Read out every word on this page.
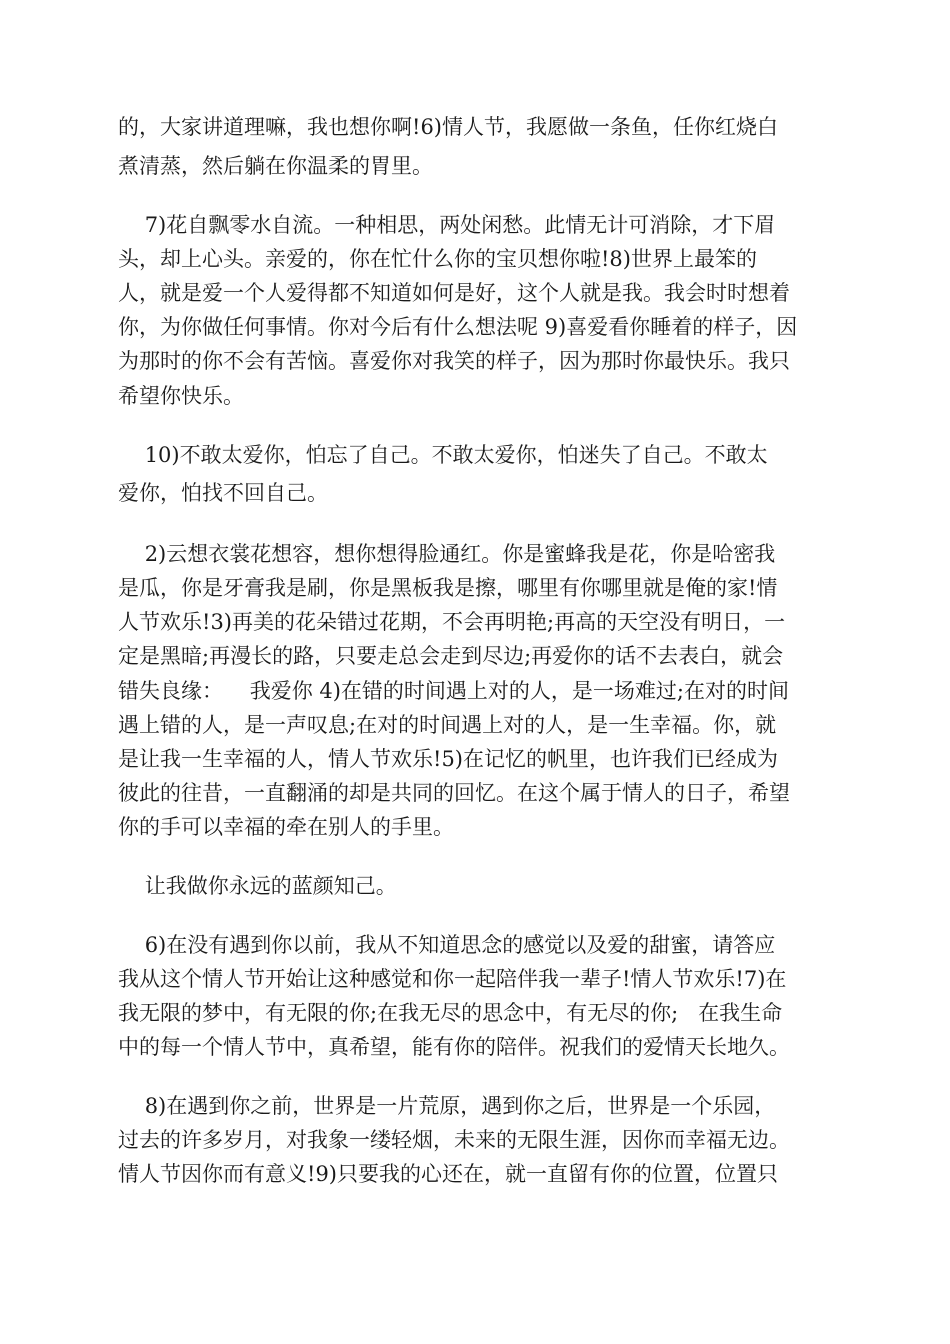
的，大家讲道理嘛，我也想你啊!6)情人节，我愿做一条鱼，任你红烧白
煮清蒸，然后躺在你温柔的胃里。
7)花自飘零水自流。一种相思，两处闲愁。此情无计可消除，才下眉
头，却上心头。亲爱的，你在忙什么你的宝贝想你啦!8)世界上最笨的
人，就是爱一个人爱得都不知道如何是好，这个人就是我。我会时时想着
你，为你做任何事情。你对今后有什么想法呢 9)喜爱看你睡着的样子，因
为那时的你不会有苦恼。喜爱你对我笑的样子，因为那时你最快乐。我只
希望你快乐。
10)不敢太爱你，怕忘了自己。不敢太爱你，怕迷失了自己。不敢太
爱你，怕找不回自己。
2)云想衣裳花想容，想你想得脸通红。你是蜜蜂我是花，你是哈密我
是瓜，你是牙膏我是刷，你是黑板我是擦，哪里有你哪里就是俺的家!情
人节欢乐!3)再美的花朵错过花期，不会再明艳;再高的天空没有明日，一
定是黑暗;再漫长的路，只要走总会走到尽边;再爱你的话不去表白，就会
错失良缘：    我爱你 4)在错的时间遇上对的人，是一场难过;在对的时间
遇上错的人，是一声叹息;在对的时间遇上对的人，是一生幸福。你，就
是让我一生幸福的人，情人节欢乐!5)在记忆的帆里，也许我们已经成为
彼此的往昔，一直翻涌的却是共同的回忆。在这个属于情人的日子，希望
你的手可以幸福的牵在别人的手里。
让我做你永远的蓝颜知己。
6)在没有遇到你以前，我从不知道思念的感觉以及爱的甜蜜，请答应
我从这个情人节开始让这种感觉和你一起陪伴我一辈子!情人节欢乐!7)在
我无限的梦中，有无限的你;在我无尽的思念中，有无尽的你;   在我生命
中的每一个情人节中，真希望，能有你的陪伴。祝我们的爱情天长地久。
8)在遇到你之前，世界是一片荒原，遇到你之后，世界是一个乐园，
过去的许多岁月，对我象一缕轻烟，未来的无限生涯，因你而幸福无边。
情人节因你而有意义!9)只要我的心还在，就一直留有你的位置，位置只
